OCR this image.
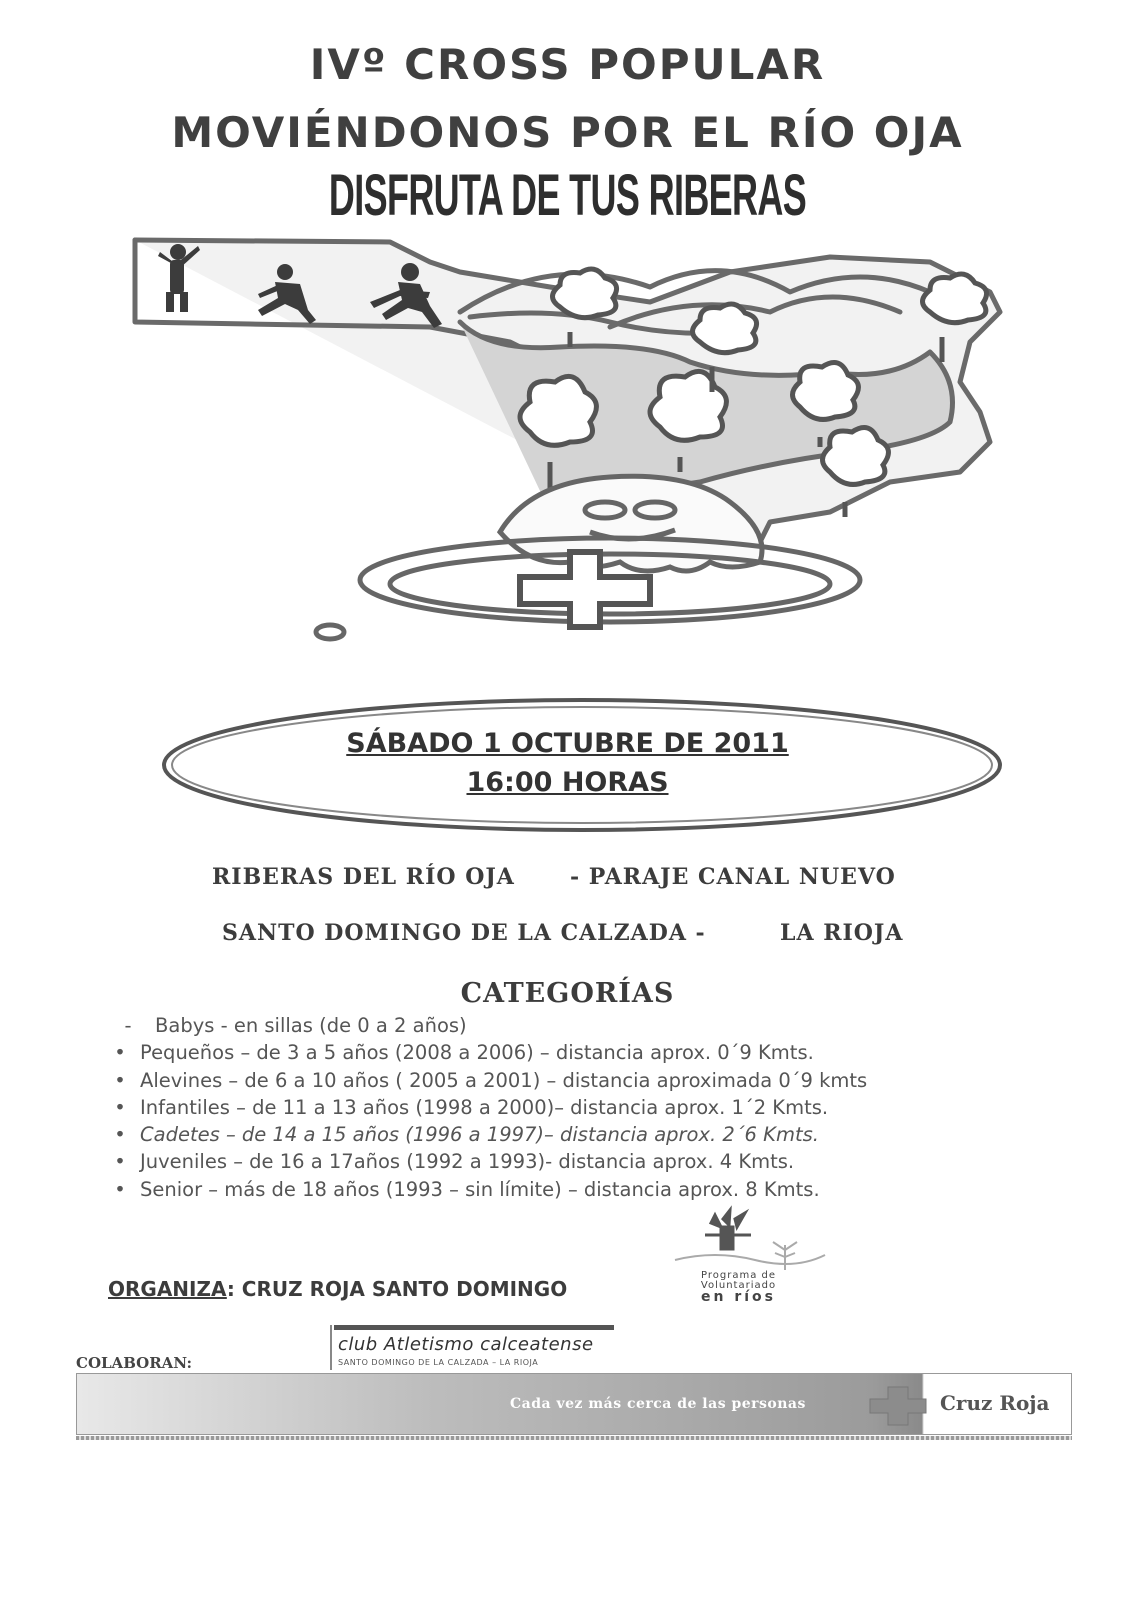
IVº CROSS POPULAR
MOVIÉNDONOS POR EL RÍO OJA
DISFRUTA DE TUS RIBERAS
SÁBADO 1 OCTUBRE DE 2011
16:00 HORAS
RIBERAS DEL RÍO OJA	- PARAJE CANAL NUEVO
SANTO DOMINGO DE LA CALZADA -	LA RIOJA
CATEGORÍAS
-	Babys - en sillas (de 0 a 2 años)
• Pequeños – de 3 a 5 años (2008 a 2006) – distancia aprox. 0´9 Kmts.
• Alevines – de 6 a 10 años ( 2005 a 2001) – distancia aproximada 0´9 kmts
• Infantiles – de 11 a 13 años (1998 a 2000)– distancia aprox. 1´2 Kmts.
• Cadetes – de 14 a 15 años (1996 a 1997)– distancia aprox. 2´6 Kmts.
• Juveniles – de 16 a 17años (1992 a 1993)- distancia aprox. 4 Kmts.
• Senior – más de 18 años (1993 – sin límite) – distancia aprox. 8 Kmts.
ORGANIZA: CRUZ ROJA SANTO DOMINGO
Programa de
Voluntariado
en ríos
COLABORAN:
club Atletismo calceatense
SANTO DOMINGO DE LA CALZADA – LA RIOJA
Cada vez más cerca de las personas	Cruz Roja
